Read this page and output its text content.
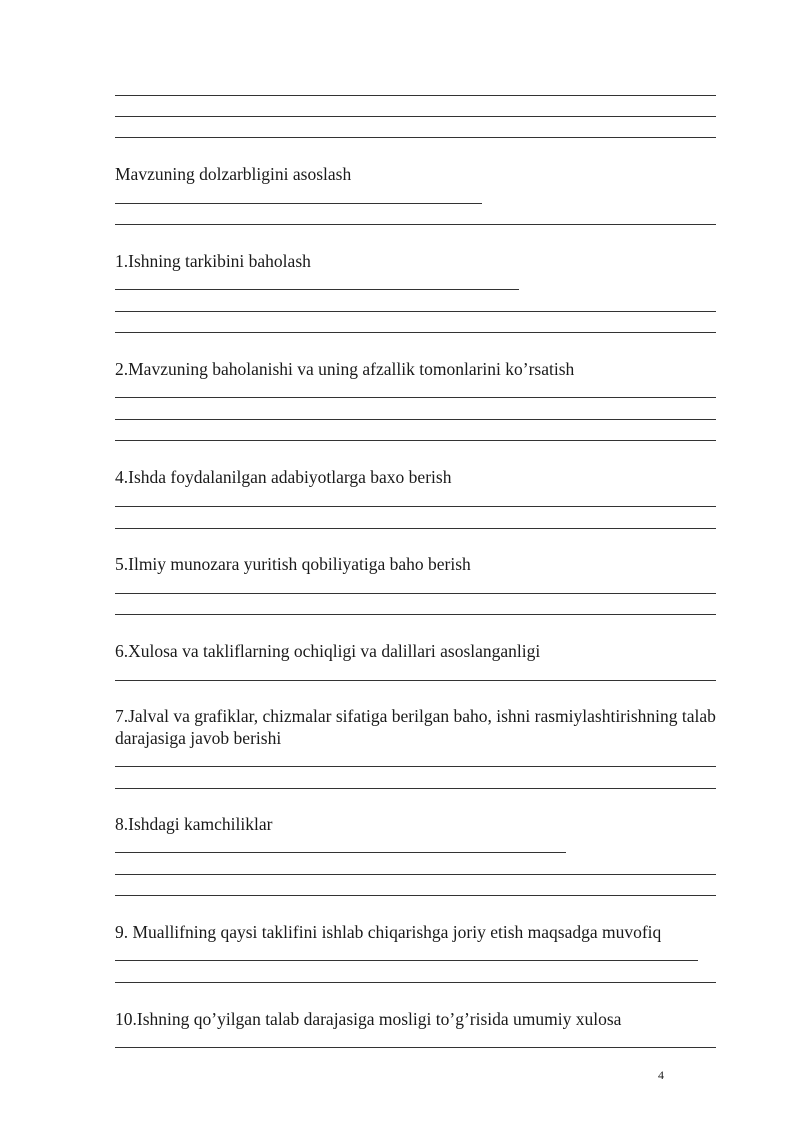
Mavzuning dolzarbligini asoslash
1.Ishning tarkibini baholash
2.Mavzuning baholanishi va uning afzallik tomonlarini ko’rsatish
4.Ishda foydalanilgan adabiyotlarga baxo berish
5.Ilmiy munozara yuritish qobiliyatiga baho berish
6.Xulosa va takliflarning ochiqligi va dalillari asoslanganligi
7.Jalval va grafiklar, chizmalar sifatiga berilgan baho, ishni rasmiylashtirishning talab darajasiga javob berishi
8.Ishdagi kamchiliklar
9. Muallifning qaysi taklifini ishlab chiqarishga joriy etish maqsadga muvofiq
10.Ishning qo’yilgan talab darajasiga mosligi to’g’risida umumiy xulosa
4
